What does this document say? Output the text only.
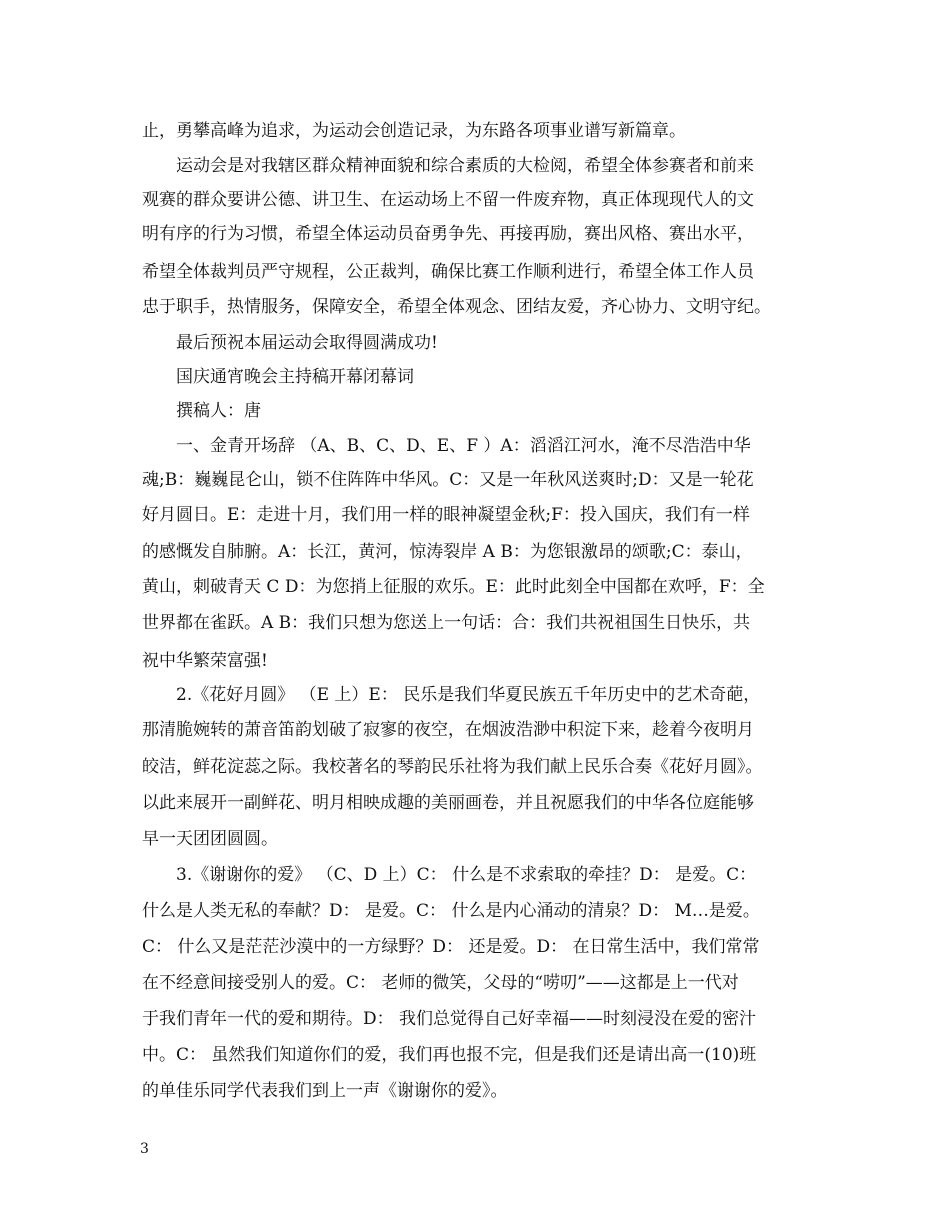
止，勇攀高峰为追求，为运动会创造记录，为东路各项事业谱写新篇章。
运动会是对我辖区群众精神面貌和综合素质的大检阅，希望全体参赛者和前来
观赛的群众要讲公德、讲卫生、在运动场上不留一件废弃物，真正体现现代人的文
明有序的行为习惯，希望全体运动员奋勇争先、再接再励，赛出风格、赛出水平，
希望全体裁判员严守规程，公正裁判，确保比赛工作顺利进行，希望全体工作人员
忠于职手，热情服务，保障安全，希望全体观念、团结友爱，齐心协力、文明守纪。
最后预祝本届运动会取得圆满成功!
国庆通宵晚会主持稿开幕闭幕词
撰稿人：唐
一、金青开场辞 （A、B、C、D、E、F ）A：滔滔江河水，淹不尽浩浩中华
魂;B：巍巍昆仑山，锁不住阵阵中华风。C：又是一年秋风送爽时;D：又是一轮花
好月圆日。E：走进十月，我们用一样的眼神凝望金秋;F：投入国庆，我们有一样
的感慨发自肺腑。A：长江，黄河，惊涛裂岸 A B：为您银激昂的颂歌;C：泰山，
黄山，刺破青天 C D：为您捎上征服的欢乐。E：此时此刻全中国都在欢呼，F：全
世界都在雀跃。A B：我们只想为您送上一句话：合：我们共祝祖国生日快乐，共
祝中华繁荣富强!
2.《花好月圆》 （E 上）E： 民乐是我们华夏民族五千年历史中的艺术奇葩，
那清脆婉转的萧音笛韵划破了寂寥的夜空，在烟波浩渺中积淀下来，趁着今夜明月
皎洁，鲜花淀蕊之际。我校著名的琴韵民乐社将为我们献上民乐合奏《花好月圆》。
以此来展开一副鲜花、明月相映成趣的美丽画卷，并且祝愿我们的中华各位庭能够
早一天团团圆圆。
3.《谢谢你的爱》 （C、D 上）C： 什么是不求索取的牵挂？D： 是爱。C：
什么是人类无私的奉献？D： 是爱。C： 什么是内心涌动的清泉？D： M…是爱。
C： 什么又是茫茫沙漠中的一方绿野？D： 还是爱。D： 在日常生活中，我们常常
在不经意间接受别人的爱。C： 老师的微笑，父母的“唠叨”——这都是上一代对
于我们青年一代的爱和期待。D： 我们总觉得自己好幸福——时刻浸没在爱的密汁
中。C： 虽然我们知道你们的爱，我们再也报不完，但是我们还是请出高一(10)班
的单佳乐同学代表我们到上一声《谢谢你的爱》。
3
